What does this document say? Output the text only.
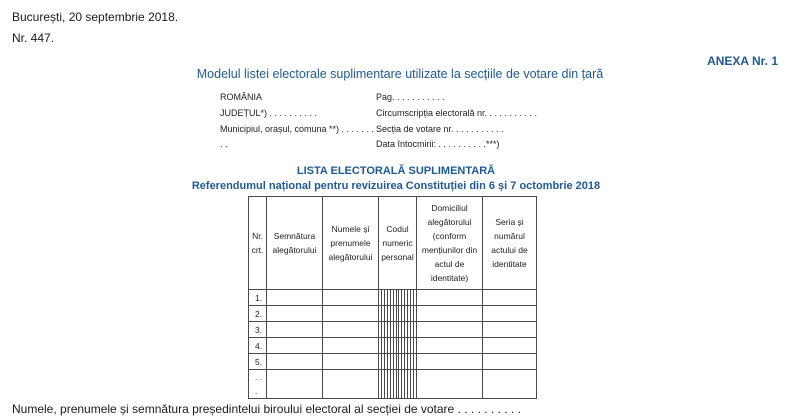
București, 20 septembrie 2018.
Nr. 447.
ANEXA Nr. 1
Modelul listei electorale suplimentare utilizate la secțiile de votare din țară
ROMÂNIA
JUDEȚUL*) . . . . . . . . . .
Municipiul, orașul, comuna **) . . . . . . . .
. .
Pag. . . . . . . . . . .
Circumscripția electorală nr. . . . . . . . . . .
Secția de votare nr. . . . . . . . . . .
Data întocmirii: . . . . . . . . . .***)
LISTA ELECTORALĂ SUPLIMENTARĂ
Referendumul național pentru revizuirea Constituției din 6 și 7 octombrie 2018
Nr. crt.	Semnătura alegătorului	Numele și prenumele alegătorului	Codul numeric personal	Domiciliul alegătorului (conform mențiunilor din actul de identitate)	Seria și numărul actului de identitate
1.			

2.			

3.			

4.			

5.			

. . .			

Numele, prenumele și semnătura președintelui biroului electoral al secției de votare . . . . . . . . . .
